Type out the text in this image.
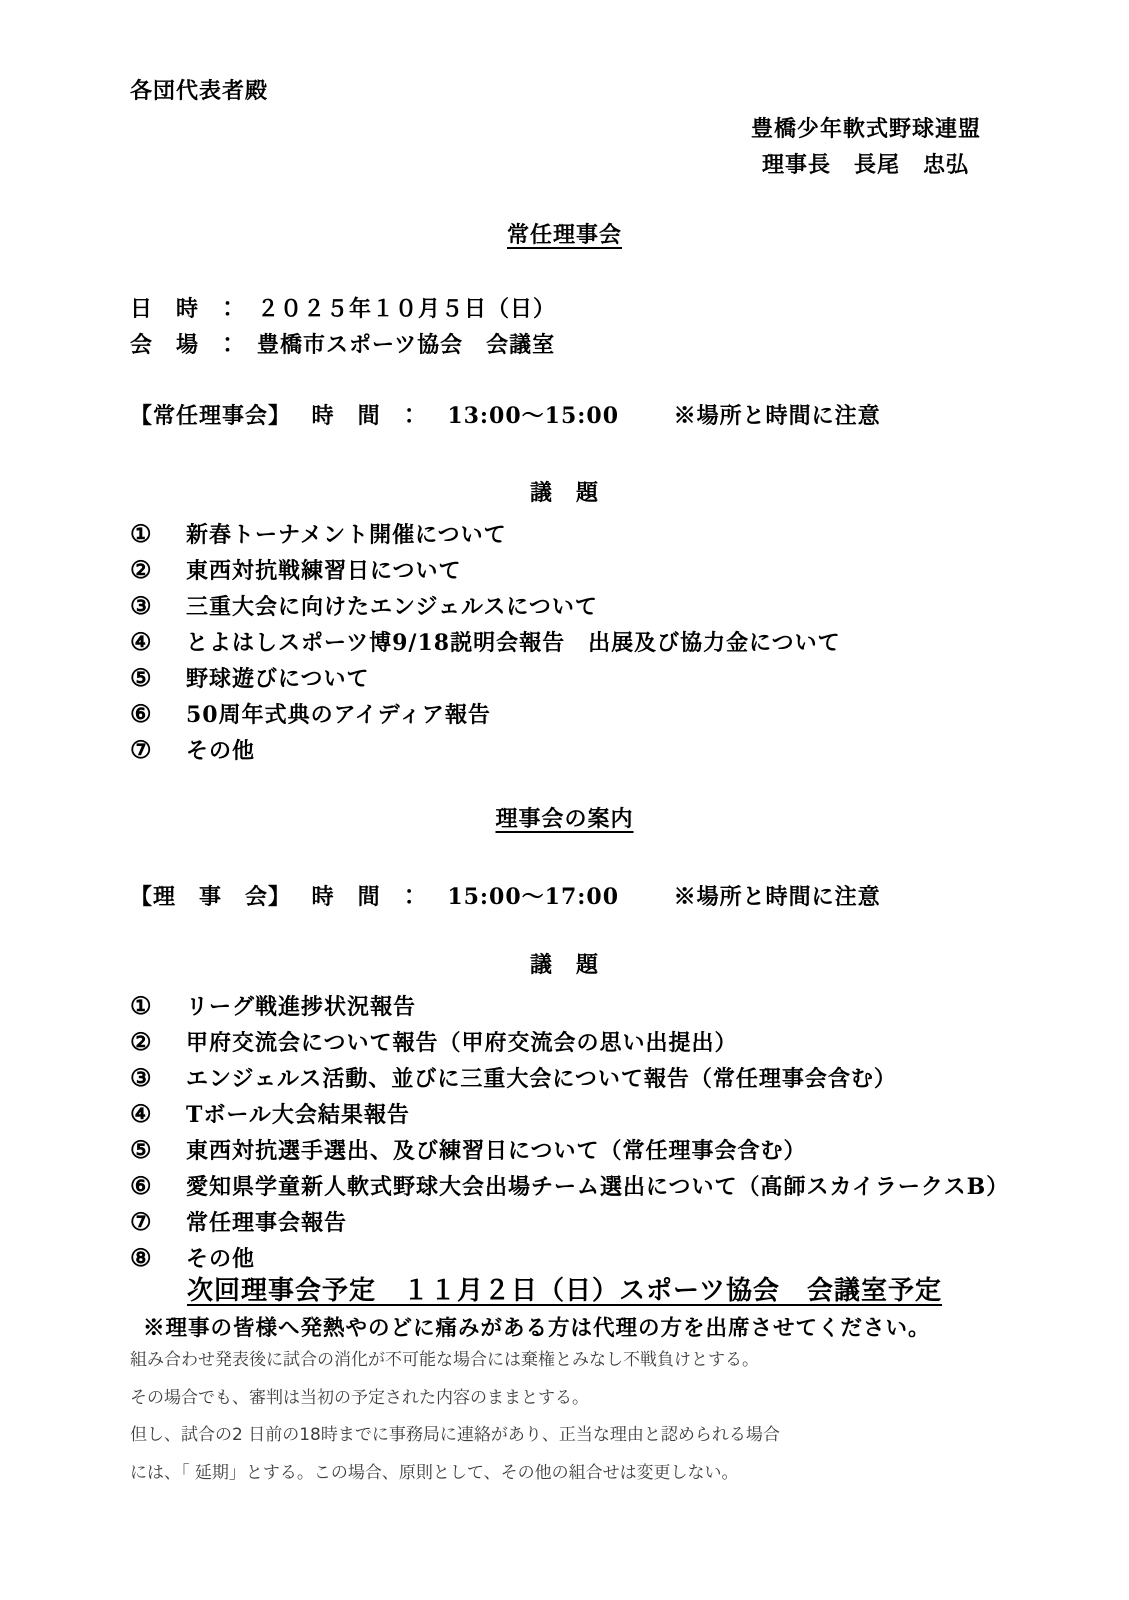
各団代表者殿
豊橋少年軟式野球連盟
理事長　長尾　忠弘
常任理事会
日　時　：　２０２５年１０月５日（日）
会　場　：　豊橋市スポーツ協会　会議室
【常任理事会】　 時　間　：　 13:00～15:00　　 ※場所と時間に注意
議　題
① 新春トーナメント開催について
② 東西対抗戦練習日について
③ 三重大会に向けたエンジェルスについて
④ とよはしスポーツ博9/18説明会報告　出展及び協力金について
⑤ 野球遊びについて
⑥ 50周年式典のアイディア報告
⑦ その他
理事会の案内
【理　事　会】　 時　間　：　 15:00～17:00　　 ※場所と時間に注意
議　題
① リーグ戦進捗状況報告
② 甲府交流会について報告（甲府交流会の思い出提出）
③ エンジェルス活動、並びに三重大会について報告（常任理事会含む）
④ Tボール大会結果報告
⑤ 東西対抗選手選出、及び練習日について（常任理事会含む）
⑥ 愛知県学童新人軟式野球大会出場チーム選出について（髙師スカイラークスB）
⑦ 常任理事会報告
⑧ その他
次回理事会予定　１１月２日（日）スポーツ協会　会議室予定
※理事の皆様へ発熱やのどに痛みがある方は代理の方を出席させてください。
組み合わせ発表後に試合の消化が不可能な場合には棄権とみなし不戦負けとする。
その場合でも、審判は当初の予定された内容のままとする。
但し、試合の2 日前の18時までに事務局に連絡があり、正当な理由と認められる場合
には、「 延期」とする。この場合、原則として、その他の組合せは変更しない。
